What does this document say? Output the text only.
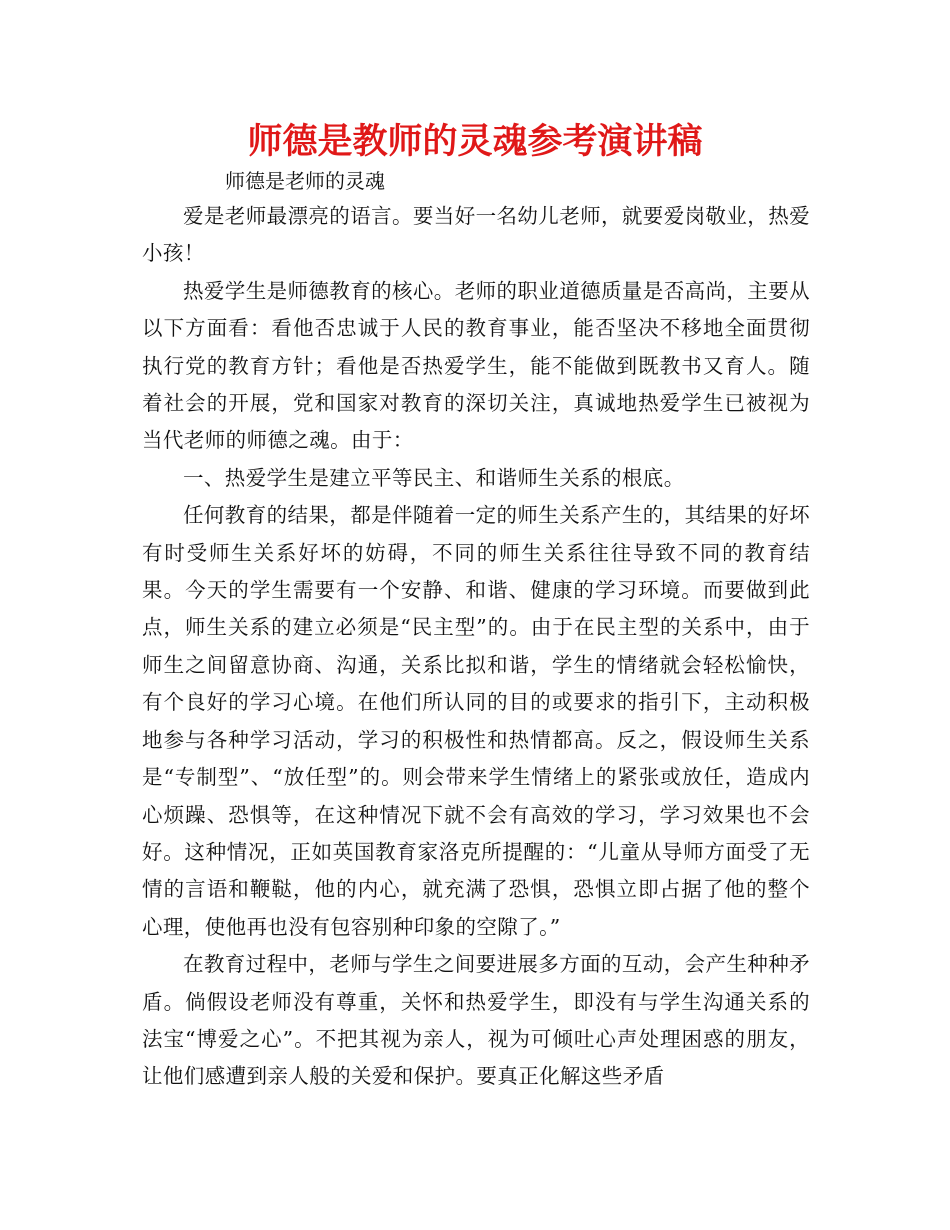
师德是教师的灵魂参考演讲稿
师德是老师的灵魂

爱是老师最漂亮的语言。要当好一名幼儿老师，就要爱岗敬业，热爱小孩！

热爱学生是师德教育的核心。老师的职业道德质量是否高尚，主要从以下方面看：看他否忠诚于人民的教育事业，能否坚决不移地全面贯彻执行党的教育方针；看他是否热爱学生，能不能做到既教书又育人。随着社会的开展，党和国家对教育的深切关注，真诚地热爱学生已被视为当代老师的师德之魂。由于：

一、热爱学生是建立平等民主、和谐师生关系的根底。

任何教育的结果，都是伴随着一定的师生关系产生的，其结果的好坏有时受师生关系好坏的妨碍，不同的师生关系往往导致不同的教育结果。今天的学生需要有一个安静、和谐、健康的学习环境。而要做到此点，师生关系的建立必须是“民主型”的。由于在民主型的关系中，由于师生之间留意协商、沟通，关系比拟和谐，学生的情绪就会轻松愉快，有个良好的学习心境。在他们所认同的目的或要求的指引下，主动积极地参与各种学习活动，学习的积极性和热情都高。反之，假设师生关系是“专制型”、“放任型”的。则会带来学生情绪上的紧张或放任，造成内心烦躁、恐惧等，在这种情况下就不会有高效的学习，学习效果也不会好。这种情况，正如英国教育家洛克所提醒的：“儿童从导师方面受了无情的言语和鞭鞑，他的内心，就充满了恐惧，恐惧立即占据了他的整个心理，使他再也没有包容别种印象的空隙了。”

在教育过程中，老师与学生之间要进展多方面的互动，会产生种种矛盾。倘假设老师没有尊重，关怀和热爱学生，即没有与学生沟通关系的法宝“博爱之心”。不把其视为亲人，视为可倾吐心声处理困惑的朋友，让他们感遭到亲人般的关爱和保护。要真正化解这些矛盾
